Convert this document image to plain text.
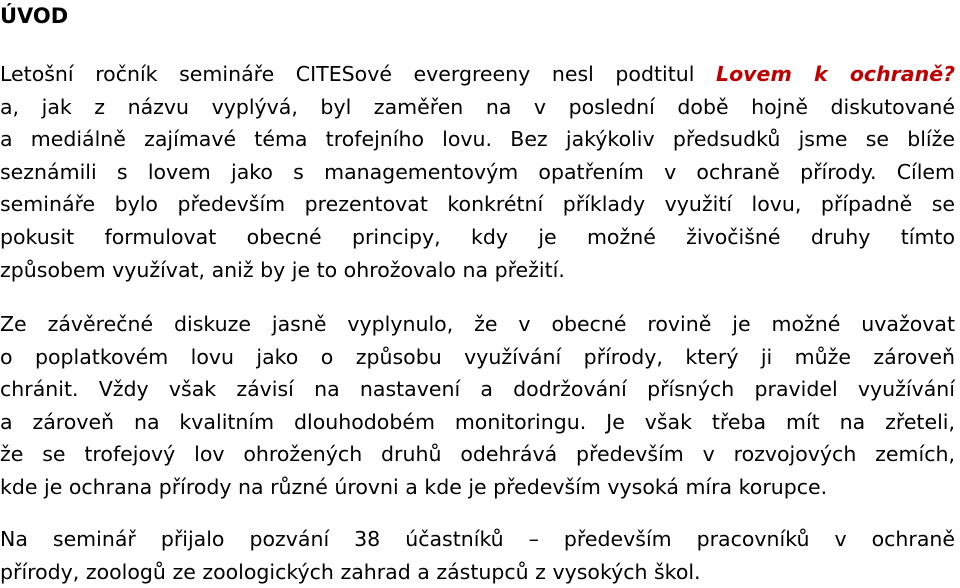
ÚVOD
Letošní ročník semináře CITESové evergreeny nesl podtitul Lovem k ochraně?
a, jak z názvu vyplývá, byl zaměřen na v poslední době hojně diskutované
a mediálně zajímavé téma trofejního lovu. Bez jakýkoliv předsudků jsme se blíže
seznámili s lovem jako s managementovým opatřením v ochraně přírody. Cílem
semináře bylo především prezentovat konkrétní příklady využití lovu, případně se
pokusit formulovat obecné principy, kdy je možné živočišné druhy tímto
způsobem využívat, aniž by je to ohrožovalo na přežití.
Ze závěrečné diskuze jasně vyplynulo, že v obecné rovině je možné uvažovat
o poplatkovém lovu jako o způsobu využívání přírody, který ji může zároveň
chránit. Vždy však závisí na nastavení a dodržování přísných pravidel využívání
a zároveň na kvalitním dlouhodobém monitoringu. Je však třeba mít na zřeteli,
že se trofejový lov ohrožených druhů odehrává především v rozvojových zemích,
kde je ochrana přírody na různé úrovni a kde je především vysoká míra korupce.
Na seminář přijalo pozvání 38 účastníků – především pracovníků v ochraně
přírody, zoologů ze zoologických zahrad a zástupců z vysokých škol.
